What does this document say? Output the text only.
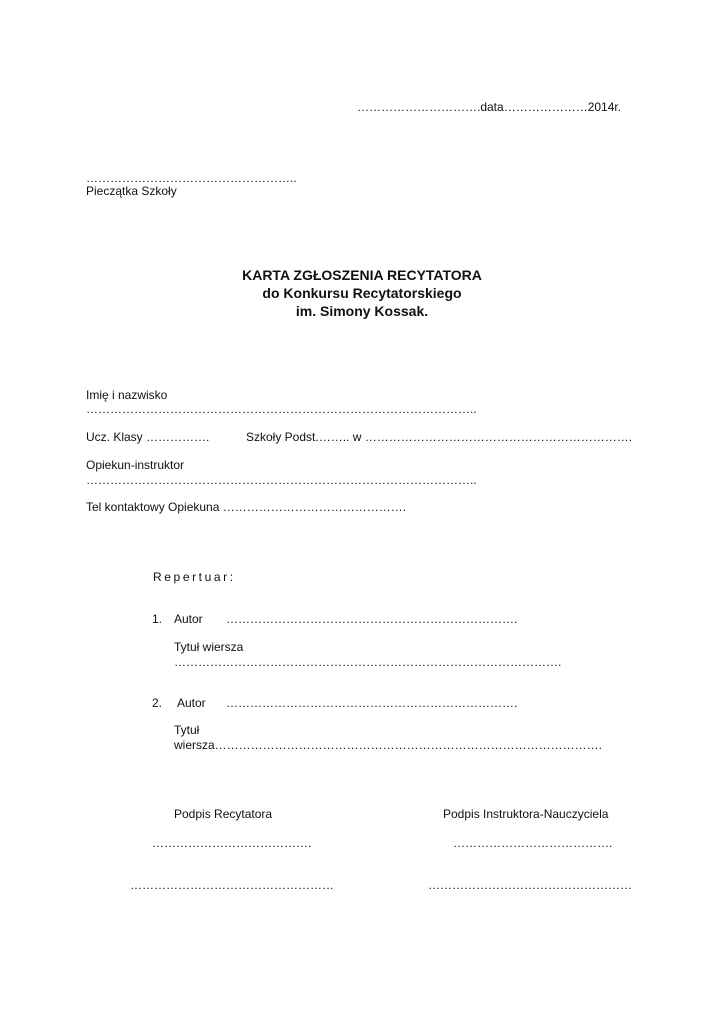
………………………….data…………………2014r.
……………………………………………..
Pieczątka Szkoły
KARTA ZGŁOSZENIA RECYTATORA
do Konkursu Recytatorskiego
im. Simony Kossak.
Imię i nazwisko
……………………………………………………………………………………..
Ucz. Klasy …………….	Szkoły Podst.…….. w ………………………………………………………….
Opiekun-instruktor
……………………………………………………………………………………..
Tel kontaktowy Opiekuna ……………………………………….
Repertuar:
1. Autor ……………………………………………………………….
Tytuł wiersza
…………………………………………………………………………………….
2. Autor ……………………………………………………………….
Tytuł
wiersza…………………………………………………………………………………….
Podpis Recytatora	Podpis Instruktora-Nauczyciela
………………………………….	………………………………….
……………………………………………	……………………………………………
